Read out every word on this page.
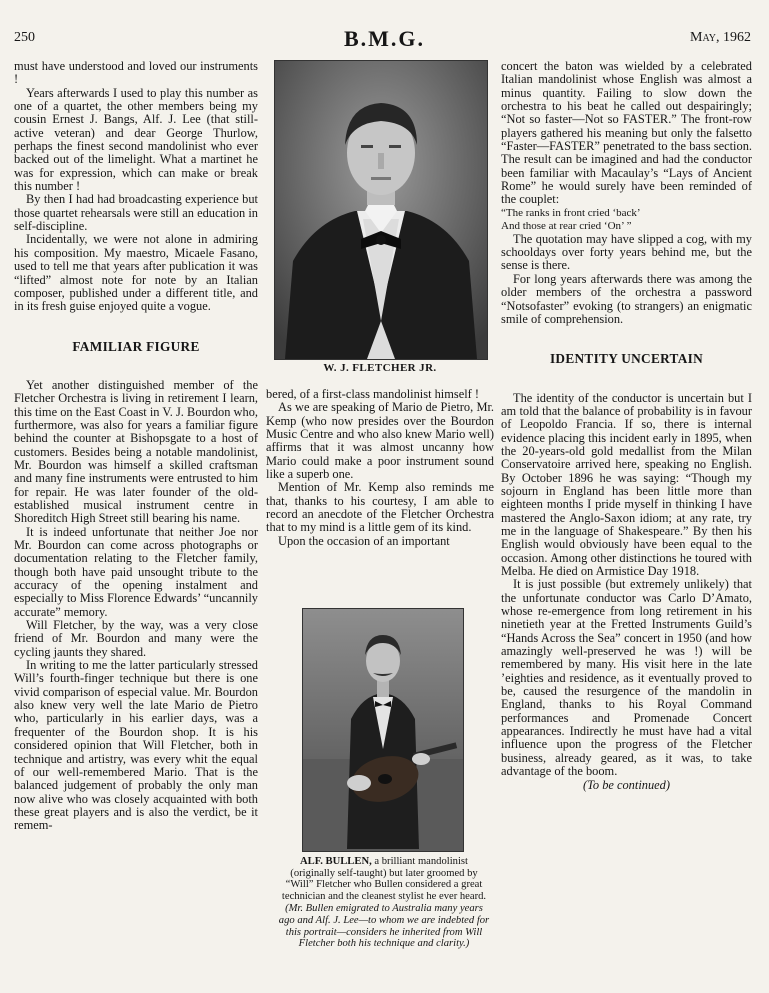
250	B.M.G.	May, 1962

must have understood and loved our instruments !

Years afterwards I used to play this number as one of a quartet, the other members being my cousin Ernest J. Bangs, Alf. J. Lee (that still-active veteran) and dear George Thurlow, perhaps the finest second mandolinist who ever backed out of the limelight. What a martinet he was for expression, which can make or break this number !

By then I had had broadcasting experience but those quartet rehearsals were still an education in self-discipline.

Incidentally, we were not alone in admiring his composition. My maestro, Micaele Fasano, used to tell me that years after publication it was “lifted” almost note for note by an Italian composer, published under a different title, and in its fresh guise enjoyed quite a vogue.

FAMILIAR FIGURE

Yet another distinguished member of the Fletcher Orchestra is living in retirement I learn, this time on the East Coast in V. J. Bourdon who, furthermore, was also for years a familiar figure behind the counter at Bishopsgate to a host of customers. Besides being a notable mandolinist, Mr. Bourdon was himself a skilled craftsman and many fine instruments were entrusted to him for repair. He was later founder of the old-established musical instrument centre in Shoreditch High Street still bearing his name.

It is indeed unfortunate that neither Joe nor Mr. Bourdon can come across photographs or documentation relating to the Fletcher family, though both have paid unsought tribute to the accuracy of the opening instalment and especially to Miss Florence Edwards’ “uncannily accurate” memory.

Will Fletcher, by the way, was a very close friend of Mr. Bourdon and many were the cycling jaunts they shared.

In writing to me the latter particularly stressed Will’s fourth-finger technique but there is one vivid comparison of especial value. Mr. Bourdon also knew very well the late Mario de Pietro who, particularly in his earlier days, was a frequenter of the Bourdon shop. It is his considered opinion that Will Fletcher, both in technique and artistry, was every whit the equal of our well-remembered Mario. That is the balanced judgement of probably the only man now alive who was closely acquainted with both these great players and is also the verdict, be it remem-

W. J. FLETCHER JR.

bered, of a first-class mandolinist himself !

As we are speaking of Mario de Pietro, Mr. Kemp (who now presides over the Bourdon Music Centre and who also knew Mario well) affirms that it was almost uncanny how Mario could make a poor instrument sound like a superb one.

Mention of Mr. Kemp also reminds me that, thanks to his courtesy, I am able to record an anecdote of the Fletcher Orchestra that to my mind is a little gem of its kind.

Upon the occasion of an important

ALF. BULLEN, a brilliant mandolinist (originally self-taught) but later groomed by “Will” Fletcher who Bullen considered a great technician and the cleanest stylist he ever heard.
(Mr. Bullen emigrated to Australia many years ago and Alf. J. Lee—to whom we are indebted for this portrait—considers he inherited from Will Fletcher both his technique and clarity.)

concert the baton was wielded by a celebrated Italian mandolinist whose English was almost a minus quantity. Failing to slow down the orchestra to his beat he called out despairingly; “Not so faster—Not so FASTER.” The front-row players gathered his meaning but only the falsetto “Faster—FASTER” penetrated to the bass section. The result can be imagined and had the conductor been familiar with Macaulay’s “Lays of Ancient Rome” he would surely have been reminded of the couplet:

“The ranks in front cried ‘back’

And those at rear cried ‘On’ ”

The quotation may have slipped a cog, with my schooldays over forty years behind me, but the sense is there.

For long years afterwards there was among the older members of the orchestra a password “Notsofaster” evoking (to strangers) an enigmatic smile of comprehension.

IDENTITY UNCERTAIN

The identity of the conductor is uncertain but I am told that the balance of probability is in favour of Leopoldo Francia. If so, there is internal evidence placing this incident early in 1895, when the 20-years-old gold medallist from the Milan Conservatoire arrived here, speaking no English. By October 1896 he was saying: “Though my sojourn in England has been little more than eighteen months I pride myself in thinking I have mastered the Anglo-Saxon idiom; at any rate, try me in the language of Shakespeare.” By then his English would obviously have been equal to the occasion. Among other distinctions he toured with Melba. He died on Armistice Day 1918.

It is just possible (but extremely unlikely) that the unfortunate conductor was Carlo D’Amato, whose re-emergence from long retirement in his ninetieth year at the Fretted Instruments Guild’s “Hands Across the Sea” concert in 1950 (and how amazingly well-preserved he was !) will be remembered by many. His visit here in the late ’eighties and residence, as it eventually proved to be, caused the resurgence of the mandolin in England, thanks to his Royal Command performances and Promenade Concert appearances. Indirectly he must have had a vital influence upon the progress of the Fletcher business, already geared, as it was, to take advantage of the boom.

(To be continued)
